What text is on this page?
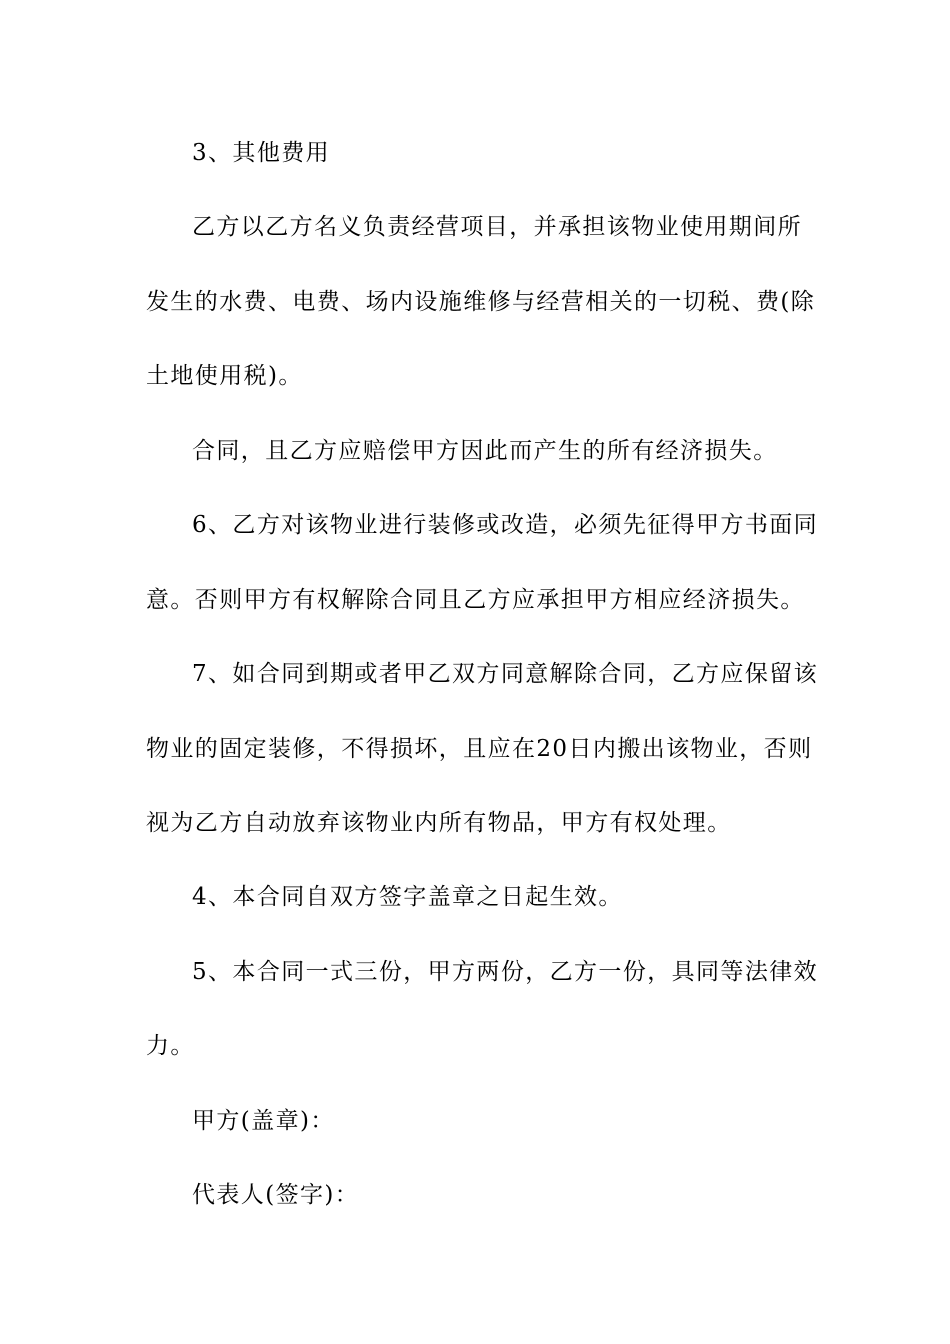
3、其他费用
乙方以乙方名义负责经营项目，并承担该物业使用期间所
发生的水费、电费、场内设施维修与经营相关的一切税、费(除
土地使用税)。
合同，且乙方应赔偿甲方因此而产生的所有经济损失。
6、乙方对该物业进行装修或改造，必须先征得甲方书面同
意。否则甲方有权解除合同且乙方应承担甲方相应经济损失。
7、如合同到期或者甲乙双方同意解除合同，乙方应保留该
物业的固定装修，不得损坏，且应在20日内搬出该物业，否则
视为乙方自动放弃该物业内所有物品，甲方有权处理。
4、本合同自双方签字盖章之日起生效。
5、本合同一式三份，甲方两份，乙方一份，具同等法律效
力。
甲方(盖章)：
代表人(签字)：
